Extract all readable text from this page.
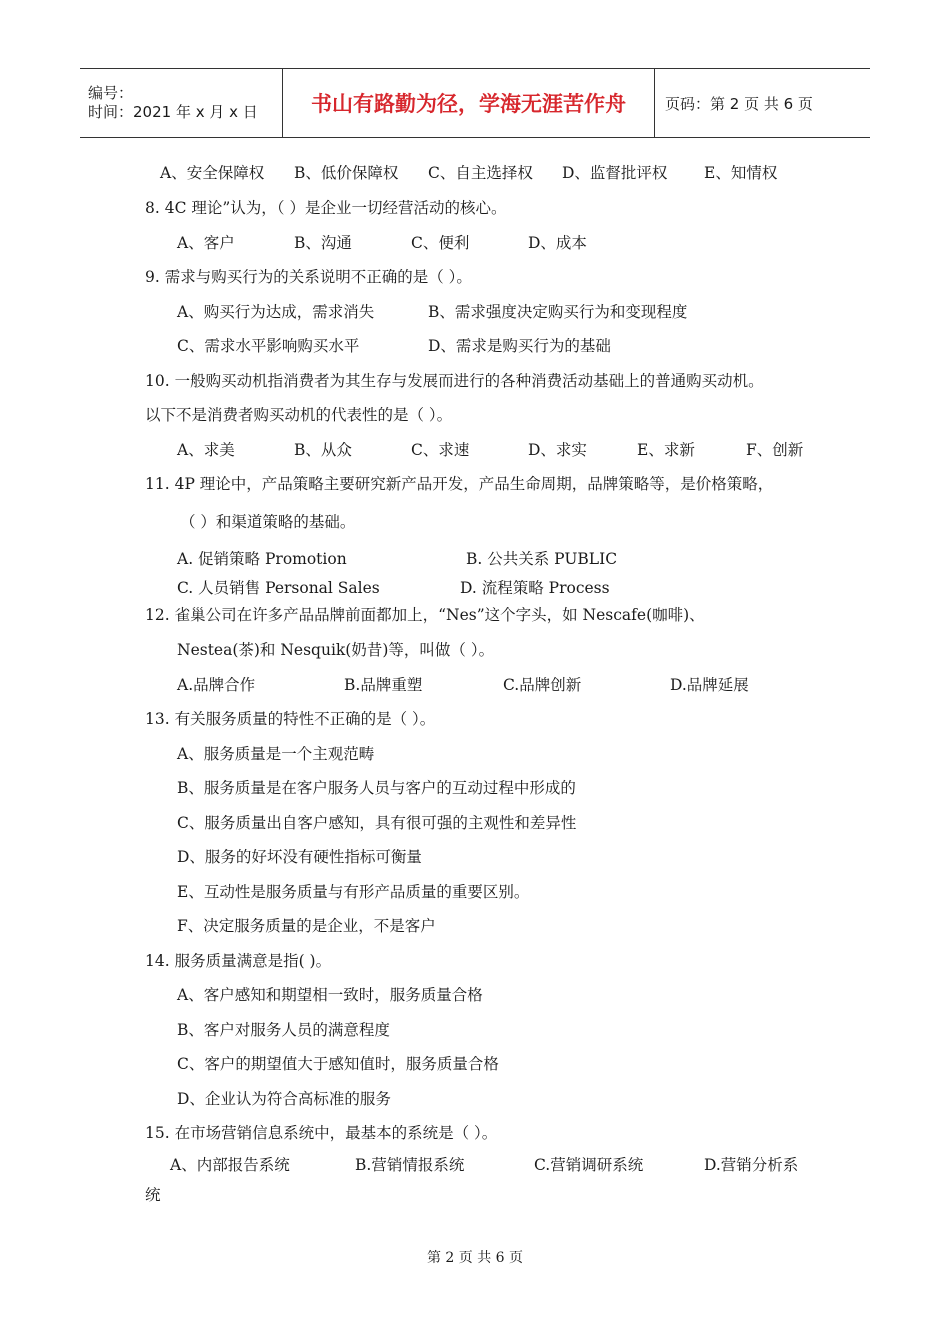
编号：
时间：2021 年 x 月 x 日	书山有路勤为径，学海无涯苦作舟	页码：第 2 页 共 6 页
A、安全保障权 B、低价保障权 C、自主选择权 D、监督批评权 E、知情权
8. 4C 理论”认为，（ ）是企业一切经营活动的核心。
A、客户	B、沟通	C、便利	D、成本
9. 需求与购买行为的关系说明不正确的是（ ）。
A、购买行为达成，需求消失	B、需求强度决定购买行为和变现程度
C、需求水平影响购买水平	D、需求是购买行为的基础
10. 一般购买动机指消费者为其生存与发展而进行的各种消费活动基础上的普通购买动机。
以下不是消费者购买动机的代表性的是（ ）。
A、求美	B、从众	C、求速	D、求实	E、求新	F、创新
11. 4P 理论中，产品策略主要研究新产品开发，产品生命周期，品牌策略等，是价格策略，
（ ）和渠道策略的基础。
A. 促销策略 Promotion	B. 公共关系 PUBLIC
C. 人员销售 Personal Sales	D. 流程策略 Process
12. 雀巢公司在许多产品品牌前面都加上，“Nes”这个字头，如 Nescafe(咖啡)、
Nestea(茶)和 Nesquik(奶昔)等，叫做（ ）。
A.品牌合作	B.品牌重塑	C.品牌创新	D.品牌延展
13. 有关服务质量的特性不正确的是（ ）。
A、服务质量是一个主观范畴
B、服务质量是在客户服务人员与客户的互动过程中形成的
C、服务质量出自客户感知，具有很可强的主观性和差异性
D、服务的好坏没有硬性指标可衡量
E、互动性是服务质量与有形产品质量的重要区别。
F、决定服务质量的是企业，不是客户
14. 服务质量满意是指( )。
A、客户感知和期望相一致时，服务质量合格
B、客户对服务人员的满意程度
C、客户的期望值大于感知值时，服务质量合格
D、企业认为符合高标准的服务
15. 在市场营销信息系统中，最基本的系统是（ ）。
A、内部报告系统	B.营销情报系统	C.营销调研系统	D.营销分析系
统
第 2 页 共 6 页
